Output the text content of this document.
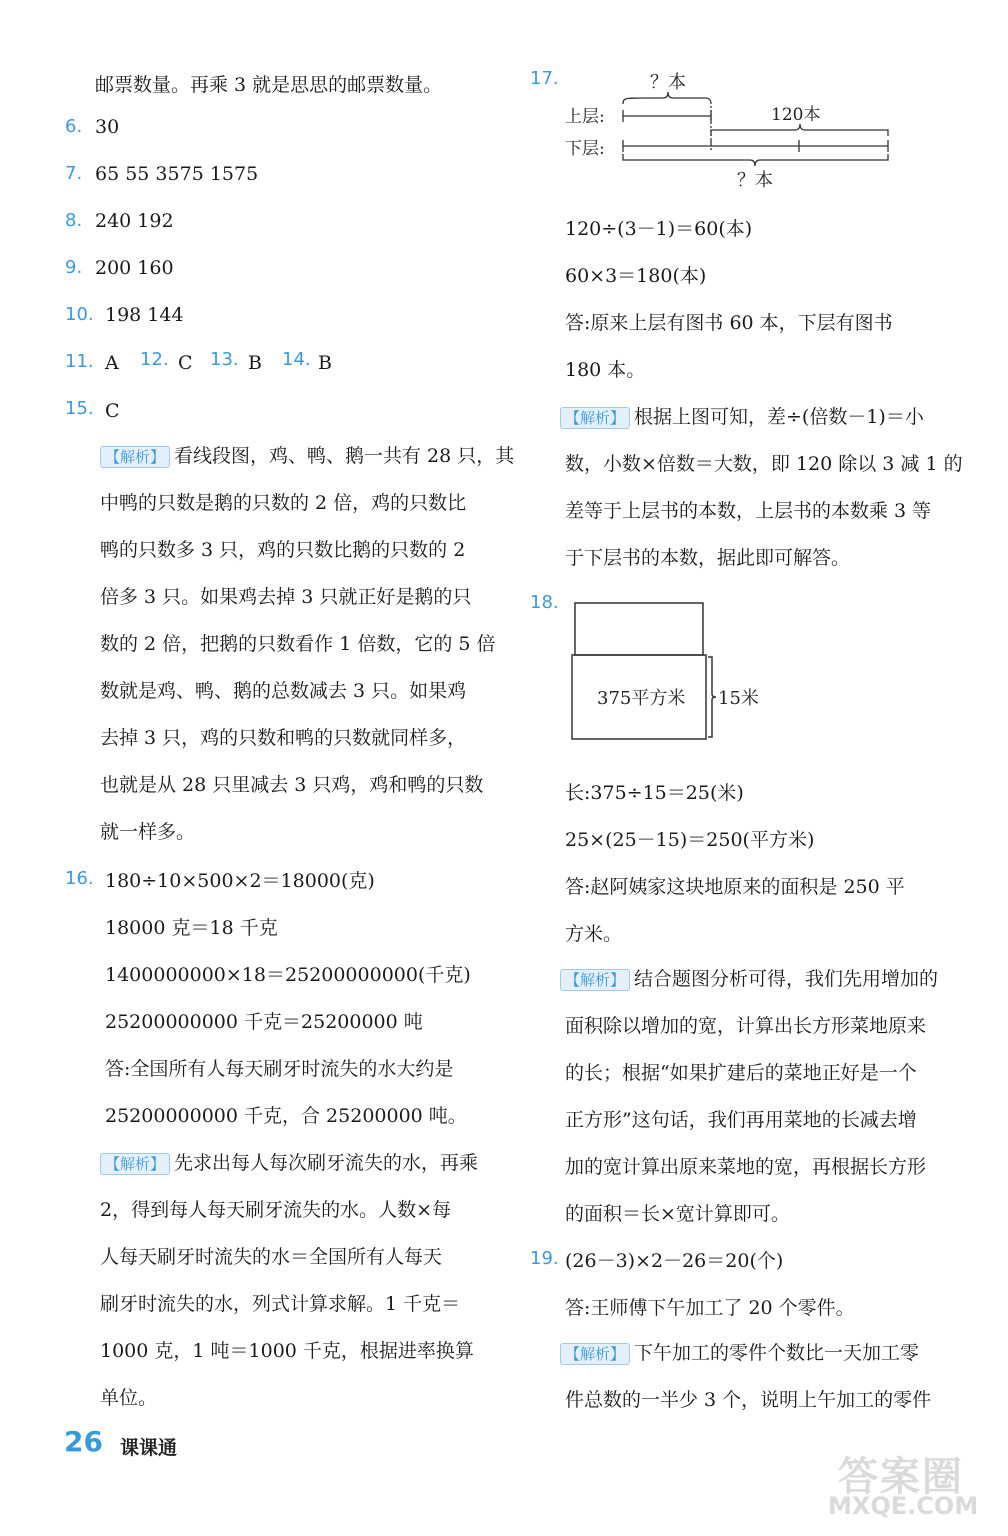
邮票数量。再乘 3 就是思思的邮票数量。
6. 30
7. 65 55 3575 1575
8. 240 192
9. 200 160
10. 198 144
11. A 12. C 13. B 14. B
15. C
【解析】 看线段图，鸡、鸭、鹅一共有 28 只，其
中鸭的只数是鹅的只数的 2 倍，鸡的只数比
鸭的只数多 3 只，鸡的只数比鹅的只数的 2
倍多 3 只。如果鸡去掉 3 只就正好是鹅的只
数的 2 倍，把鹅的只数看作 1 倍数，它的 5 倍
数就是鸡、鸭、鹅的总数减去 3 只。如果鸡
去掉 3 只，鸡的只数和鸭的只数就同样多，
也就是从 28 只里减去 3 只鸡，鸡和鸭的只数
就一样多。
16. 180÷10×500×2＝18000(克)
18000 克＝18 千克
1400000000×18＝25200000000(千克)
25200000000 千克＝25200000 吨
答:全国所有人每天刷牙时流失的水大约是
25200000000 千克，合 25200000 吨。
【解析】 先求出每人每次刷牙流失的水，再乘
2，得到每人每天刷牙流失的水。人数×每
人每天刷牙时流失的水＝全国所有人每天
刷牙时流失的水，列式计算求解。1 千克＝
1000 克，1 吨＝1000 千克，根据进率换算
单位。
17.	？本
上层:
下层:
120本
？本
120÷(3－1)＝60(本)
60×3＝180(本)
答:原来上层有图书 60 本，下层有图书
180 本。
【解析】 根据上图可知，差÷(倍数－1)＝小
数，小数×倍数＝大数，即 120 除以 3 减 1 的
差等于上层书的本数，上层书的本数乘 3 等
于下层书的本数，据此即可解答。
18.
375平方米 15米
长:375÷15＝25(米)
25×(25－15)＝250(平方米)
答:赵阿姨家这块地原来的面积是 250 平
方米。
【解析】 结合题图分析可得，我们先用增加的
面积除以增加的宽，计算出长方形菜地原来
的长；根据“如果扩建后的菜地正好是一个
正方形”这句话，我们再用菜地的长减去增
加的宽计算出原来菜地的宽，再根据长方形
的面积＝长×宽计算即可。
19. (26－3)×2－26＝20(个)
答:王师傅下午加工了 20 个零件。
【解析】 下午加工的零件个数比一天加工零
件总数的一半少 3 个，说明上午加工的零件
26 课课通
答案圈
MXQE.COM
